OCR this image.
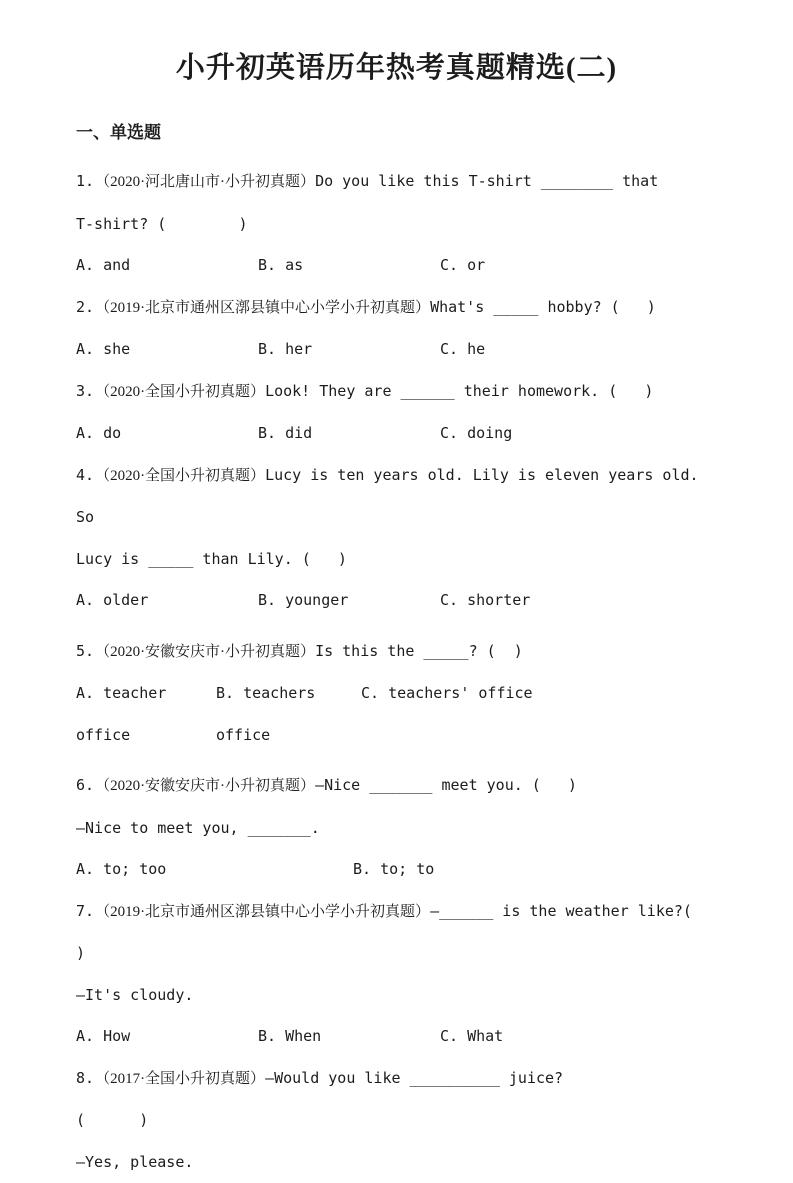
小升初英语历年热考真题精选(二)
一、单选题

1.（2020·河北唐山市·小升初真题）Do you like this T-shirt ________ that

T-shirt? (        )

A. and	B. as	C. or

2.（2019·北京市通州区漷县镇中心小学小升初真题）What's _____ hobby? (   )

A. she	B. her	C. he

3.（2020·全国小升初真题）Look! They are ______ their homework. (   )

A. do	B. did	C. doing

4.（2020·全国小升初真题）Lucy is ten years old. Lily is eleven years old. So

Lucy is _____ than Lily. (   )

A. older	B. younger	C. shorter

5.（2020·安徽安庆市·小升初真题）Is this the _____? (  )

A. teacher office
B. teachers office
C. teachers' office

6.（2020·安徽安庆市·小升初真题）—Nice _______ meet you. (   )

—Nice to meet you, _______.

A. to; too	B. to; to

7.（2019·北京市通州区漷县镇中心小学小升初真题）—______ is the weather like?(     )

—It's cloudy.

A. How	B. When	C. What

8.（2017·全国小升初真题）—Would you like __________ juice?

(      )

—Yes, please.
